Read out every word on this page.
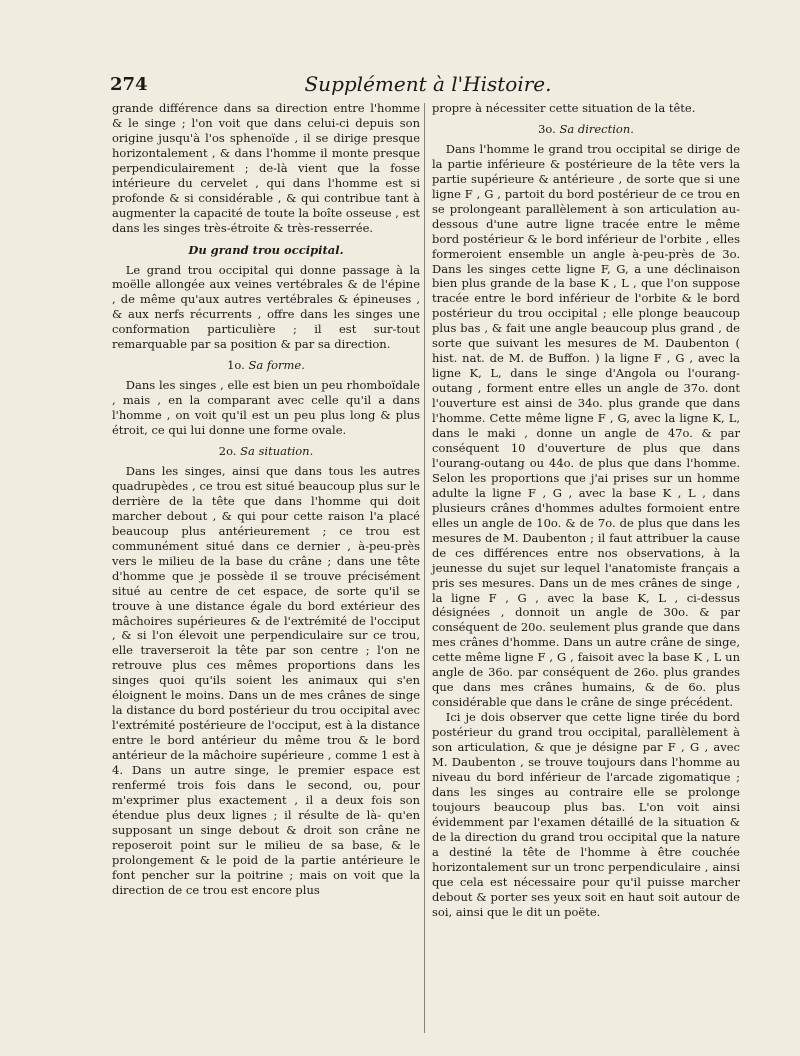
274	Supplément à l'Histoire.

grande différence dans sa direction entre l'homme & le singe ; l'on voit que dans celui-ci depuis son origine jusqu'à l'os sphenoïde , il se dirige presque horizontalement , & dans l'homme il monte presque perpendiculairement ; de-là vient que la fosse intérieure du cervelet , qui dans l'homme est si profonde & si considérable , & qui contribue tant à augmenter la capacité de toute la boîte osseuse , est dans les singes très-étroite & très-resserrée.

Du grand trou occipital.

Le grand trou occipital qui donne passage à la moëlle allongée aux veines vertébrales & de l'épine , de même qu'aux autres vertébrales & épineuses , & aux nerfs récurrents , offre dans les singes une conformation particulière ; il est sur-tout remarquable par sa position & par sa direction.

1o. Sa forme.

Dans les singes , elle est bien un peu rhomboïdale , mais , en la comparant avec celle qu'il a dans l'homme , on voit qu'il est un peu plus long & plus étroit, ce qui lui donne une forme ovale.

2o. Sa situation.

Dans les singes, ainsi que dans tous les autres quadrupèdes , ce trou est situé beaucoup plus sur le derrière de la tête que dans l'homme qui doit marcher debout , & qui pour cette raison l'a placé beaucoup plus antérieurement ; ce trou est communément situé dans ce dernier , à-peu-près vers le milieu de la base du crâne ; dans une tête d'homme que je possède il se trouve précisément situé au centre de cet espace, de sorte qu'il se trouve à une distance égale du bord extérieur des mâchoires supérieures & de l'extrémité de l'occiput , & si l'on élevoit une perpendiculaire sur ce trou, elle traverseroit la tête par son centre ; l'on ne retrouve plus ces mêmes proportions dans les singes quoi qu'ils soient les animaux qui s'en éloignent le moins. Dans un de mes crânes de singe la distance du bord postérieur du trou occipital avec l'extrémité postérieure de l'occiput, est à la distance entre le bord antérieur du même trou & le bord antérieur de la mâchoire supérieure , comme 1 est à 4. Dans un autre singe, le premier espace est renfermé trois fois dans le second, ou, pour m'exprimer plus exactement , il a deux fois son étendue plus deux lignes ; il résulte de là- qu'en supposant un singe debout & droit son crâne ne reposeroit point sur le milieu de sa base, & le prolongement & le poid de la partie antérieure le font pencher sur la poitrine ; mais on voit que la direction de ce trou est encore plus

propre à nécessiter cette situation de la tête.

3o. Sa direction.

Dans l'homme le grand trou occipital se dirige de la partie inférieure & postérieure de la tête vers la partie supérieure & antérieure , de sorte que si une ligne F , G , partoit du bord postérieur de ce trou en se prolongeant parallèlement à son articulation au-dessous d'une autre ligne tracée entre le même bord postérieur & le bord inférieur de l'orbite , elles formeroient ensemble un angle à-peu-près de 3o. Dans les singes cette ligne F, G, a une déclinaison bien plus grande de la base K , L , que l'on suppose tracée entre le bord inférieur de l'orbite & le bord postérieur du trou occipital ; elle plonge beaucoup plus bas , & fait une angle beaucoup plus grand , de sorte que suivant les mesures de M. Daubenton ( hist. nat. de M. de Buffon. ) la ligne F , G , avec la ligne K, L, dans le singe d'Angola ou l'ourang-outang , forment entre elles un angle de 37o. dont l'ouverture est ainsi de 34o. plus grande que dans l'homme. Cette même ligne F , G, avec la ligne K, L, dans le maki , donne un angle de 47o. & par conséquent 10 d'ouverture de plus que dans l'ourang-outang ou 44o. de plus que dans l'homme. Selon les proportions que j'ai prises sur un homme adulte la ligne F , G , avec la base K , L , dans plusieurs crânes d'hommes adultes formoient entre elles un angle de 10o. & de 7o. de plus que dans les mesures de M. Daubenton ; il faut attribuer la cause de ces différences entre nos observations, à la jeunesse du sujet sur lequel l'anatomiste français a pris ses mesures. Dans un de mes crânes de singe , la ligne F , G , avec la base K, L , ci-dessus désignées , donnoit un angle de 30o. & par conséquent de 20o. seulement plus grande que dans mes crânes d'homme. Dans un autre crâne de singe, cette même ligne F , G , faisoit avec la base K , L un angle de 36o. par conséquent de 26o. plus grandes que dans mes crânes humains, & de 6o. plus considérable que dans le crâne de singe précédent.

Ici je dois observer que cette ligne tirée du bord postérieur du grand trou occipital, parallèlement à son articulation, & que je désigne par F , G , avec M. Daubenton , se trouve toujours dans l'homme au niveau du bord inférieur de l'arcade zigomatique ; dans les singes au contraire elle se prolonge toujours beaucoup plus bas. L'on voit ainsi évidemment par l'examen détaillé de la situation & de la direction du grand trou occipital que la nature a destiné la tête de l'homme à être couchée horizontalement sur un tronc perpendiculaire , ainsi que cela est nécessaire pour qu'il puisse marcher debout & porter ses yeux soit en haut soit autour de soi, ainsi que le dit un poëte.
